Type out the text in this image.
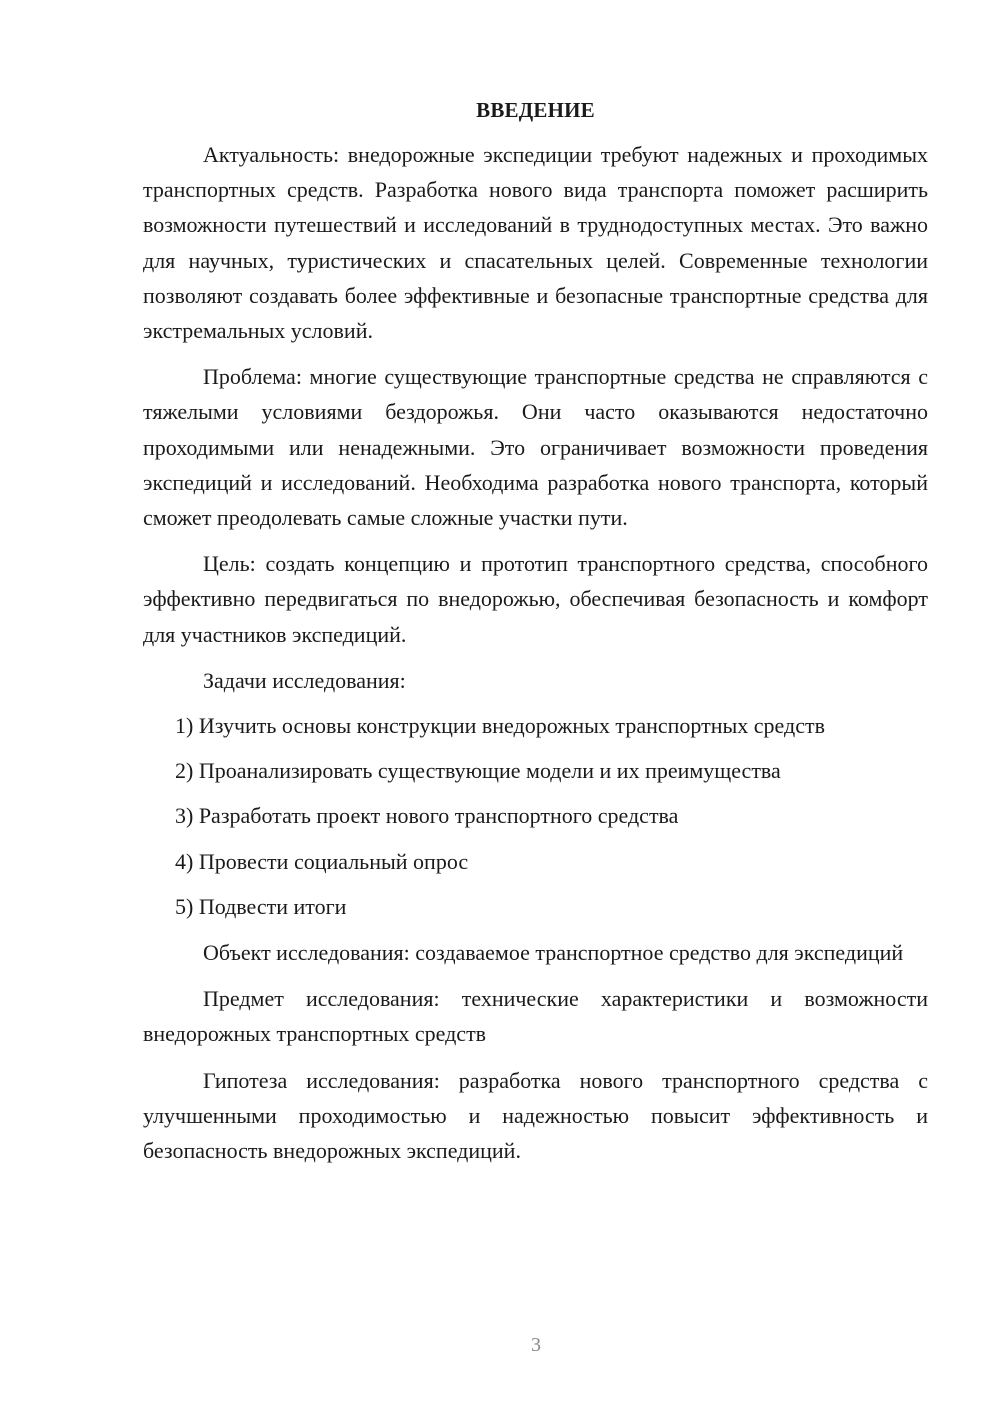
ВВЕДЕНИЕ

Актуальность: внедорожные экспедиции требуют надежных и проходимых транспортных средств. Разработка нового вида транспорта поможет расширить возможности путешествий и исследований в труднодоступных местах. Это важно для научных, туристических и спасательных целей. Современные технологии позволяют создавать более эффективные и безопасные транспортные средства для экстремальных условий.

Проблема: многие существующие транспортные средства не справляются с тяжелыми условиями бездорожья. Они часто оказываются недостаточно проходимыми или ненадежными. Это ограничивает возможности проведения экспедиций и исследований. Необходима разработка нового транспорта, который сможет преодолевать самые сложные участки пути.

Цель: создать концепцию и прототип транспортного средства, способного эффективно передвигаться по внедорожью, обеспечивая безопасность и комфорт для участников экспедиций.

Задачи исследования:

1) Изучить основы конструкции внедорожных транспортных средств
2) Проанализировать существующие модели и их преимущества
3) Разработать проект нового транспортного средства
4) Провести социальный опрос
5) Подвести итоги

Объект исследования: создаваемое транспортное средство для экспедиций

Предмет исследования: технические характеристики и возможности внедорожных транспортных средств

Гипотеза исследования: разработка нового транспортного средства с улучшенными проходимостью и надежностью повысит эффективность и безопасность внедорожных экспедиций.

3
